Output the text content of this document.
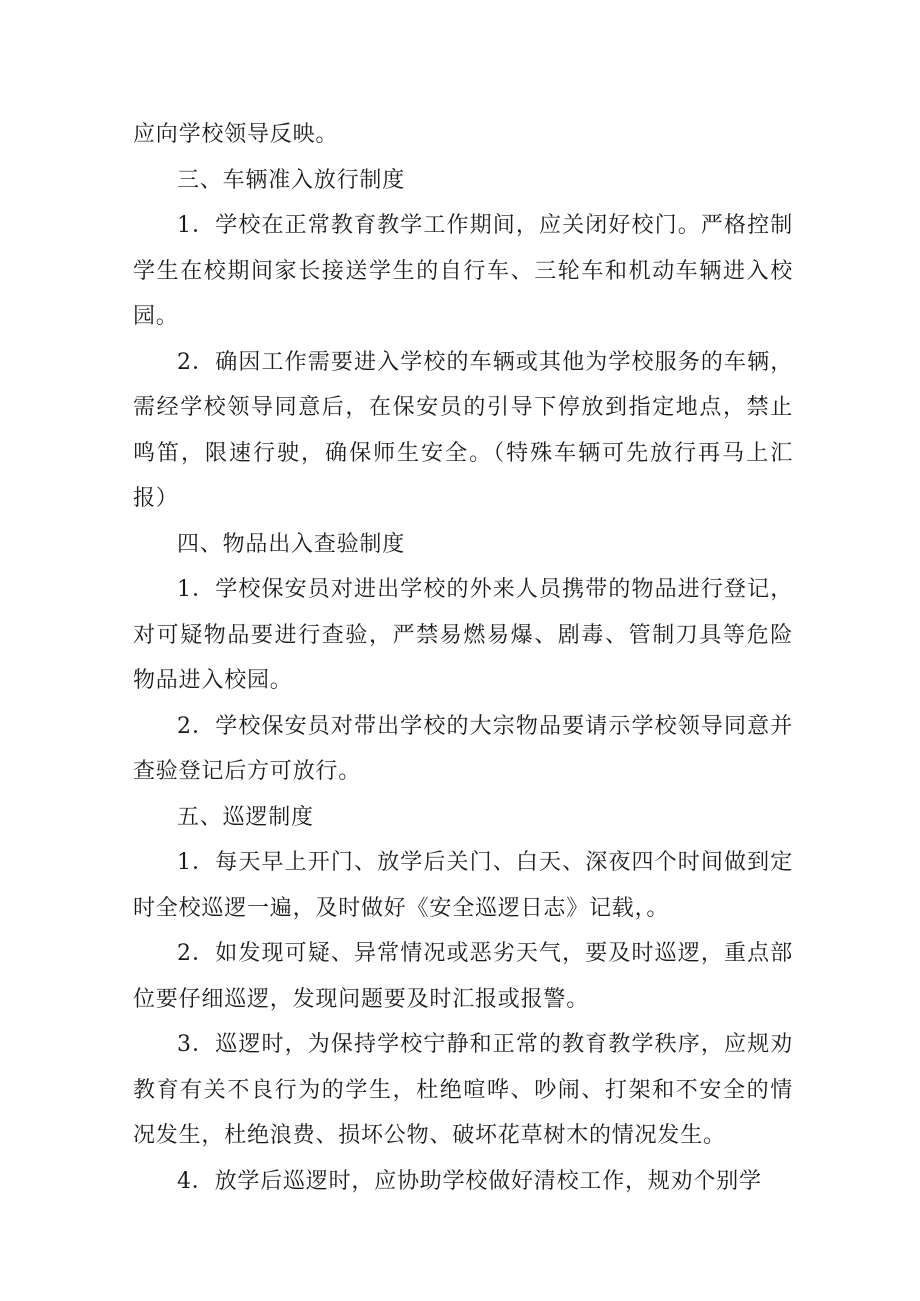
应向学校领导反映。

三、车辆准入放行制度

1．学校在正常教育教学工作期间，应关闭好校门。严格控制学生在校期间家长接送学生的自行车、三轮车和机动车辆进入校园。

2．确因工作需要进入学校的车辆或其他为学校服务的车辆，需经学校领导同意后，在保安员的引导下停放到指定地点，禁止鸣笛，限速行驶，确保师生安全。（特殊车辆可先放行再马上汇报）

四、物品出入查验制度

1．学校保安员对进出学校的外来人员携带的物品进行登记，对可疑物品要进行查验，严禁易燃易爆、剧毒、管制刀具等危险物品进入校园。

2．学校保安员对带出学校的大宗物品要请示学校领导同意并查验登记后方可放行。

五、巡逻制度

1．每天早上开门、放学后关门、白天、深夜四个时间做到定时全校巡逻一遍，及时做好《安全巡逻日志》记载，。

2．如发现可疑、异常情况或恶劣天气，要及时巡逻，重点部位要仔细巡逻，发现问题要及时汇报或报警。

3．巡逻时，为保持学校宁静和正常的教育教学秩序，应规劝教育有关不良行为的学生，杜绝喧哗、吵闹、打架和不安全的情况发生，杜绝浪费、损坏公物、破坏花草树木的情况发生。

4．放学后巡逻时，应协助学校做好清校工作，规劝个别学
